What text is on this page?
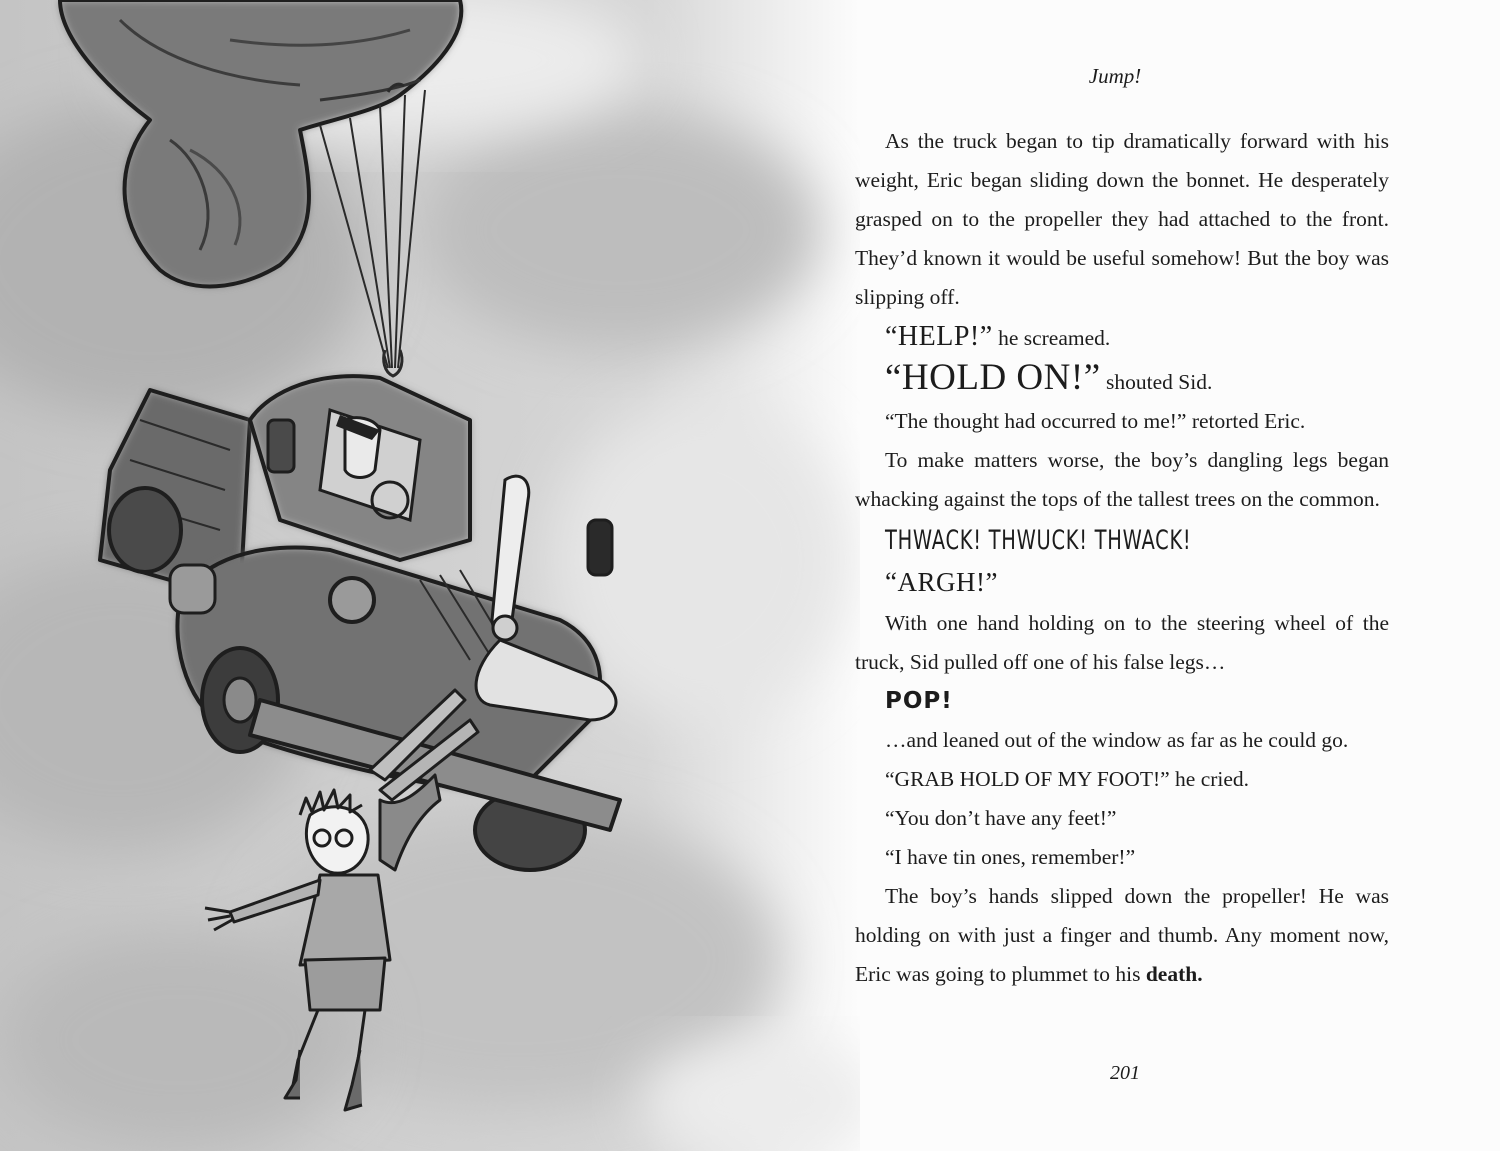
Jump!

As the truck began to tip dramatically forward with his weight, Eric began sliding down the bonnet. He desperately grasped on to the propeller they had attached to the front. They’d known it would be useful somehow! But the boy was slipping off.

“HELP!” he screamed.

“HOLD ON!” shouted Sid.

“The thought had occurred to me!” retorted Eric.

To make matters worse, the boy’s dangling legs began whacking against the tops of the tallest trees on the common.

THWACK! THWUCK! THWACK!

“ARGH!”

With one hand holding on to the steering wheel of the truck, Sid pulled off one of his false legs…

POP!

…and leaned out of the window as far as he could go.

“GRAB HOLD OF MY FOOT!” he cried.

“You don’t have any feet!”

“I have tin ones, remember!”

The boy’s hands slipped down the propeller! He was holding on with just a finger and thumb. Any moment now, Eric was going to plummet to his death.

201
